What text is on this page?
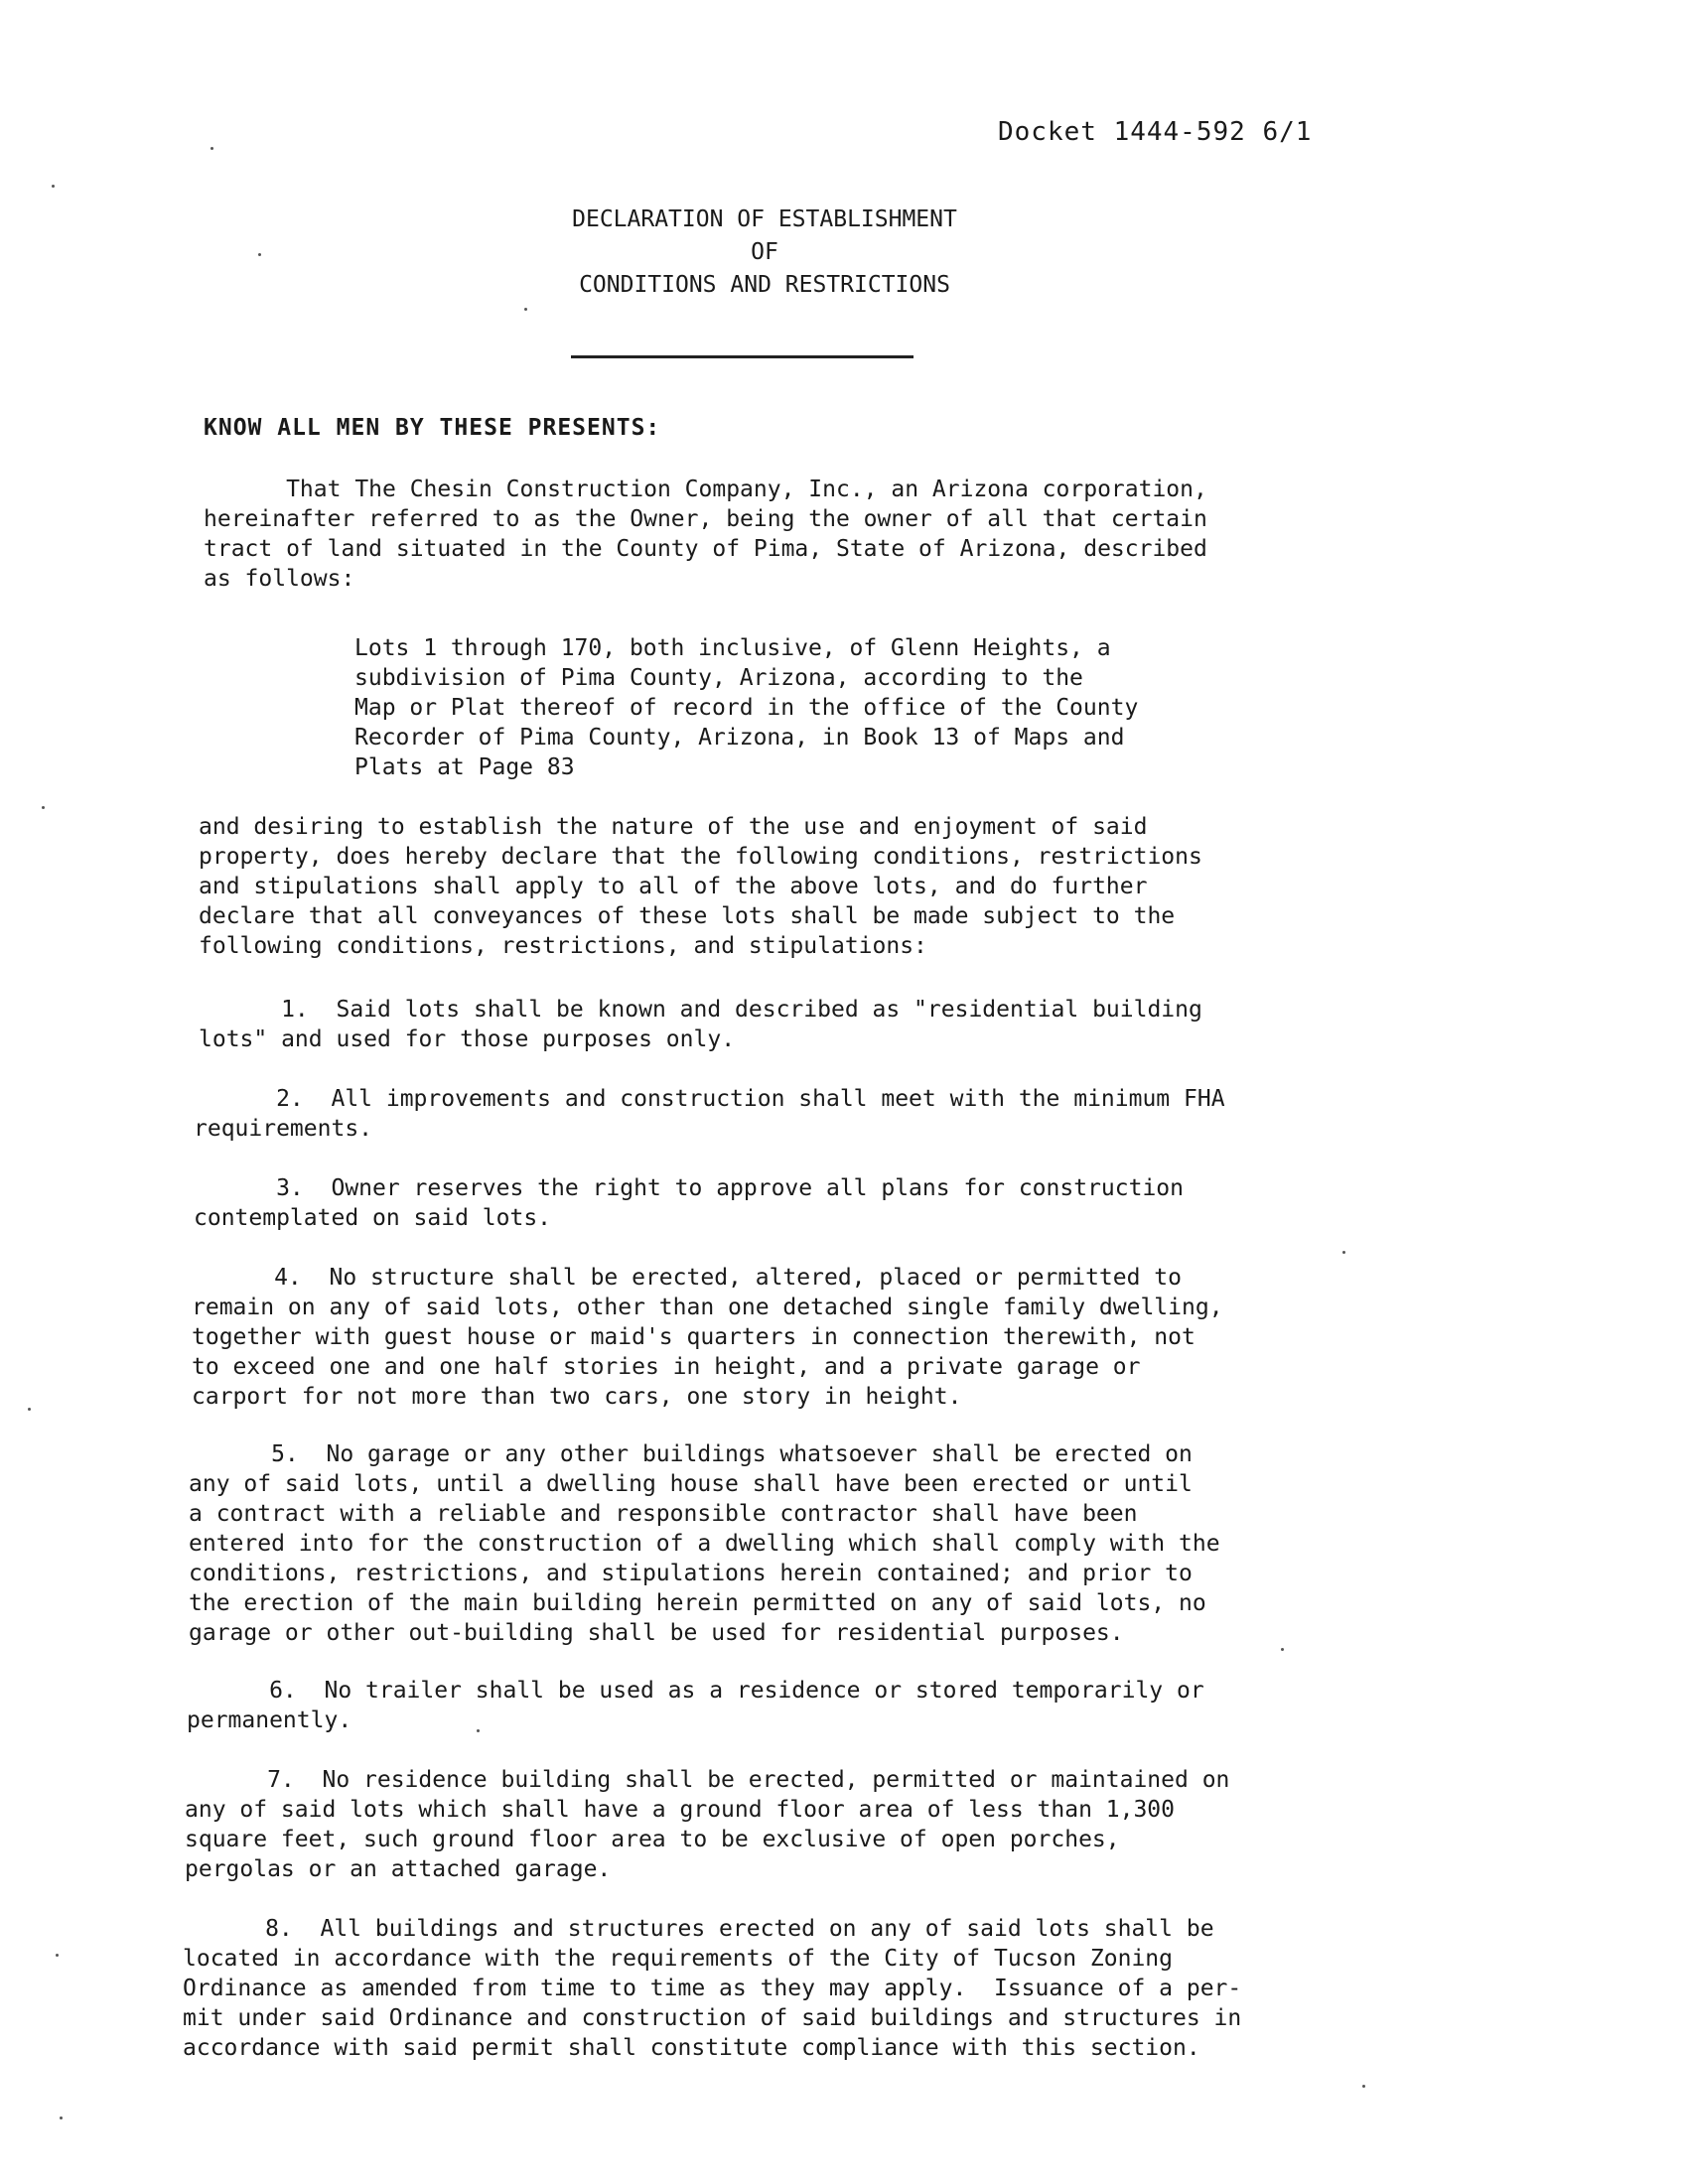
Docket 1444-592 6/1
DECLARATION OF ESTABLISHMENT
OF
CONDITIONS AND RESTRICTIONS
KNOW ALL MEN BY THESE PRESENTS:
That The Chesin Construction Company, Inc., an Arizona corporation,
hereinafter referred to as the Owner, being the owner of all that certain
tract of land situated in the County of Pima, State of Arizona, described
as follows:
Lots 1 through 170, both inclusive, of Glenn Heights, a
subdivision of Pima County, Arizona, according to the
Map or Plat thereof of record in the office of the County
Recorder of Pima County, Arizona, in Book 13 of Maps and
Plats at Page 83
and desiring to establish the nature of the use and enjoyment of said
property, does hereby declare that the following conditions, restrictions
and stipulations shall apply to all of the above lots, and do further
declare that all conveyances of these lots shall be made subject to the
following conditions, restrictions, and stipulations:
1.  Said lots shall be known and described as "residential building
lots" and used for those purposes only.
2.  All improvements and construction shall meet with the minimum FHA
requirements.
3.  Owner reserves the right to approve all plans for construction
contemplated on said lots.
4.  No structure shall be erected, altered, placed or permitted to
remain on any of said lots, other than one detached single family dwelling,
together with guest house or maid's quarters in connection therewith, not
to exceed one and one half stories in height, and a private garage or
carport for not more than two cars, one story in height.
5.  No garage or any other buildings whatsoever shall be erected on
any of said lots, until a dwelling house shall have been erected or until
a contract with a reliable and responsible contractor shall have been
entered into for the construction of a dwelling which shall comply with the
conditions, restrictions, and stipulations herein contained; and prior to
the erection of the main building herein permitted on any of said lots, no
garage or other out-building shall be used for residential purposes.
6.  No trailer shall be used as a residence or stored temporarily or
permanently.
7.  No residence building shall be erected, permitted or maintained on
any of said lots which shall have a ground floor area of less than 1,300
square feet, such ground floor area to be exclusive of open porches,
pergolas or an attached garage.
8.  All buildings and structures erected on any of said lots shall be
located in accordance with the requirements of the City of Tucson Zoning
Ordinance as amended from time to time as they may apply.  Issuance of a per-
mit under said Ordinance and construction of said buildings and structures in
accordance with said permit shall constitute compliance with this section.
